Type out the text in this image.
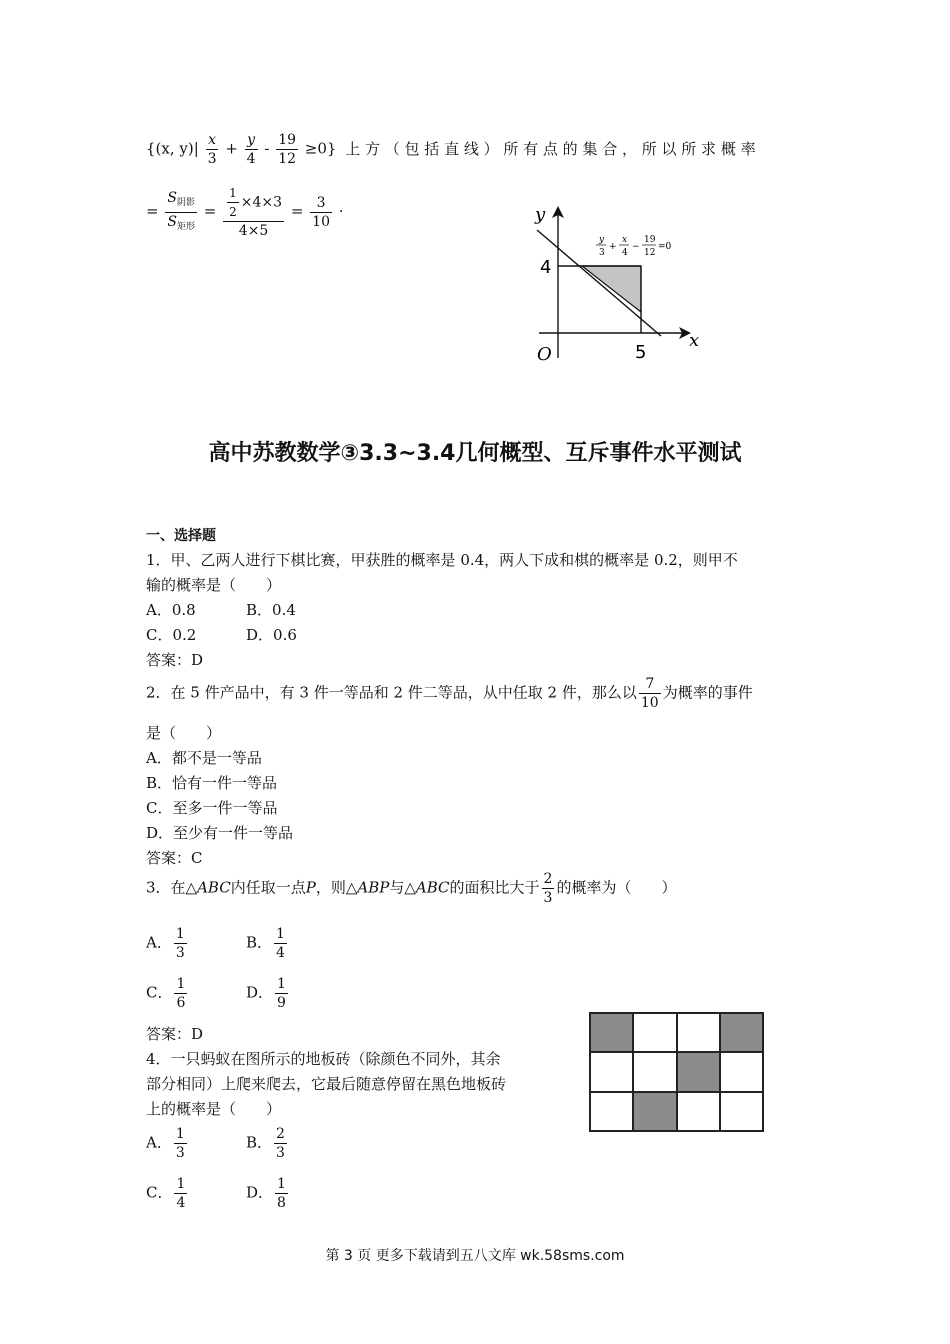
{(x, $y)| \frac{x}{3} + \frac{y}{4} - \frac{19}{12} \ge 0$} 上 方 （ 包 括 直 线 ） 所 有 点 的 集 合 ， 所 以 所 求 概 率
= $\frac{S_{阴影}}{S_{矩形}} = \frac{\frac{1}{2} \times 4\times 3}{4\times 5} = \frac{3}{10}$ ·	y
x
O
4
5
y
3
+
x
4
−
19
12
=0
高中苏教数学③3.3~3.4几何概型、互斥事件水平测试
一、选择题
1．甲、乙两人进行下棋比赛，甲获胜的概率是 0.4，两人下成和棋的概率是 0.2，则甲不
输的概率是（　　）
A．0.8	B．0.4
C．0.2	D．0.6
答案：D
2．在 5 件产品中，有 3 件一等品和 2 件二等品，从中任取 2 件，那么以 $\frac{7}{10}$ 为概率的事件
是（　　）
A．都不是一等品
B．恰有一件一等品
C．至多一件一等品
D．至少有一件一等品
答案：C
3．在△ABC内任取一点P，则△ABP与△ABC的面积比大于 $\frac{2}{3}$ 的概率为（　　）
A． $\frac{1}{3}$	B． $\frac{1}{4}$
C． $\frac{1}{6}$	D． $\frac{1}{9}$
答案：D
4．一只蚂蚁在图所示的地板砖（除颜色不同外，其余
部分相同）上爬来爬去，它最后随意停留在黑色地板砖
上的概率是（　　）
A． $\frac{1}{3}$	B． $\frac{2}{3}$
C． $\frac{1}{4}$	D． $\frac{1}{8}$
第 3 页 更多下载请到五八文库 wk.58sms.com
